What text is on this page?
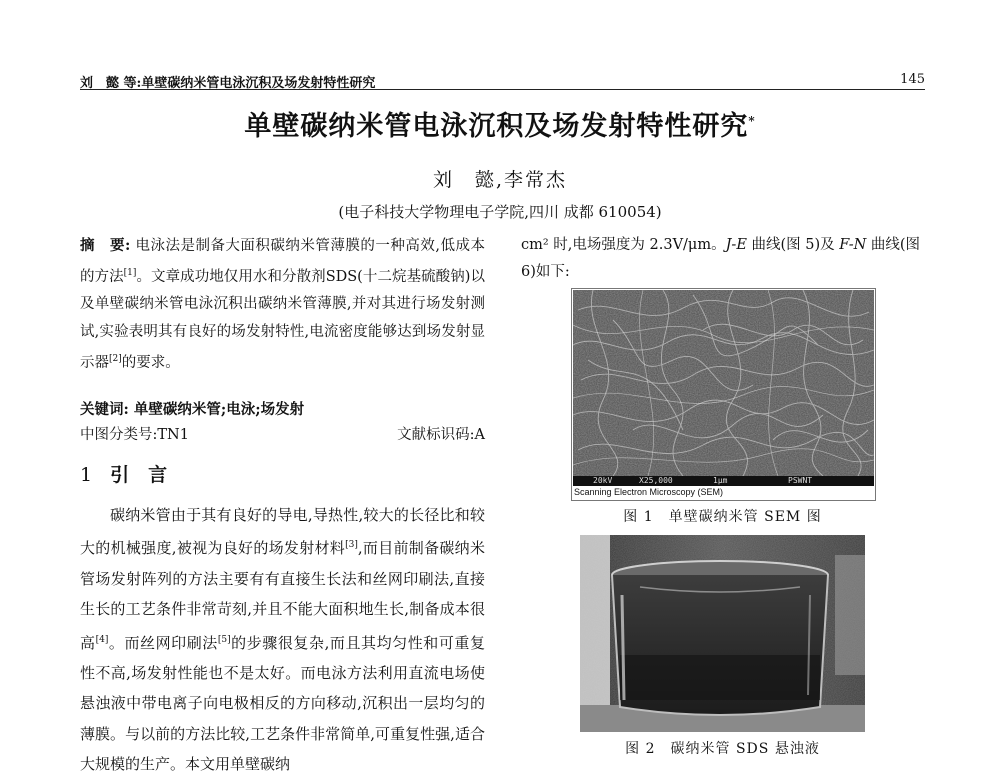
刘　懿 等:单壁碳纳米管电泳沉积及场发射特性研究	145
单壁碳纳米管电泳沉积及场发射特性研究*
刘　懿,李常杰
(电子科技大学物理电子学院,四川 成都 610054)
摘　要: 电泳法是制备大面积碳纳米管薄膜的一种高效,低成本的方法[1]。文章成功地仅用水和分散剂SDS(十二烷基硫酸钠)以及单壁碳纳米管电泳沉积出碳纳米管薄膜,并对其进行场发射测试,实验表明其有良好的场发射特性,电流密度能够达到场发射显示器[2]的要求。
关键词: 单壁碳纳米管;电泳;场发射
文献标识码:A
中图分类号:TN1
1 引　言
碳纳米管由于其有良好的导电,导热性,较大的长径比和较大的机械强度,被视为良好的场发射材料[3],而目前制备碳纳米管场发射阵列的方法主要有有直接生长法和丝网印刷法,直接生长的工艺条件非常苛刻,并且不能大面积地生长,制备成本很高[4]。而丝网印刷法[5]的步骤很复杂,而且其均匀性和可重复性不高,场发射性能也不是太好。而电泳方法利用直流电场使悬浊液中带电离子向电极相反的方向移动,沉积出一层均匀的薄膜。与以前的方法比较,工艺条件非常简单,可重复性强,适合大规模的生产。本文用单壁碳纳
cm² 时,电场强度为 2.3V/μm。J-E 曲线(图 5)及 F-N 曲线(图 6)如下:
20kV	X25,000	1μm	PSWNT
Scanning Electron Microscopy (SEM)
图 1　单壁碳纳米管 SEM 图
图 2　碳纳米管 SDS 悬浊液
